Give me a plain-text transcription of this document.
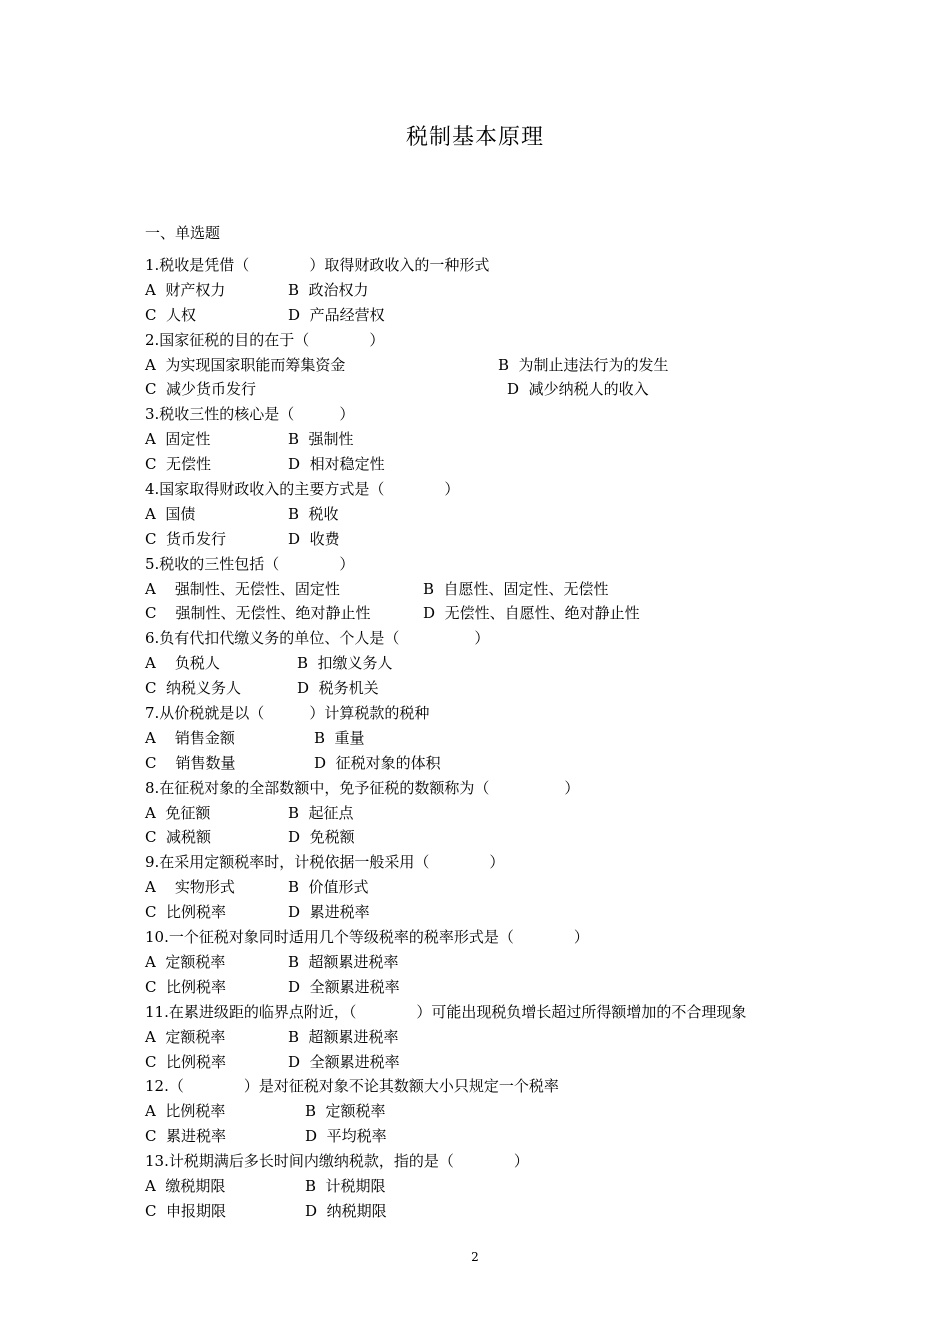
税制基本原理
一、单选题
1.税收是凭借（　　　　）取得财政收入的一种形式
A  财产权力	B  政治权力
C  人权	D  产品经营权
2.国家征税的目的在于（　　　　）
A  为实现国家职能而筹集资金	B  为制止违法行为的发生
C  减少货币发行	D  减少纳税人的收入
3.税收三性的核心是（　　　）
A  固定性	B  强制性
C  无偿性	D  相对稳定性
4.国家取得财政收入的主要方式是（　　　　）
A  国债	B  税收
C  货币发行	D  收费
5.税收的三性包括（　　　　）
A    强制性、无偿性、固定性	B  自愿性、固定性、无偿性
C    强制性、无偿性、绝对静止性	D  无偿性、自愿性、绝对静止性
6.负有代扣代缴义务的单位、个人是（　　　　　）
A    负税人	B  扣缴义务人
C  纳税义务人	D  税务机关
7.从价税就是以（　　　）计算税款的税种
A    销售金额	B  重量
C    销售数量	D  征税对象的体积
8.在征税对象的全部数额中，免予征税的数额称为（　　　　　）
A  免征额	B  起征点
C  减税额	D  免税额
9.在采用定额税率时，计税依据一般采用（　　　　）
A    实物形式	B  价值形式
C  比例税率	D  累进税率
10.一个征税对象同时适用几个等级税率的税率形式是（　　　　）
A  定额税率	B  超额累进税率
C  比例税率	D  全额累进税率
11.在累进级距的临界点附近，（　　　　）可能出现税负增长超过所得额增加的不合理现象
A  定额税率	B  超额累进税率
C  比例税率	D  全额累进税率
12.（　　　　）是对征税对象不论其数额大小只规定一个税率
A  比例税率	B  定额税率
C  累进税率	D  平均税率
13.计税期满后多长时间内缴纳税款，指的是（　　　　）
A  缴税期限	B  计税期限
C  申报期限	D  纳税期限
2
